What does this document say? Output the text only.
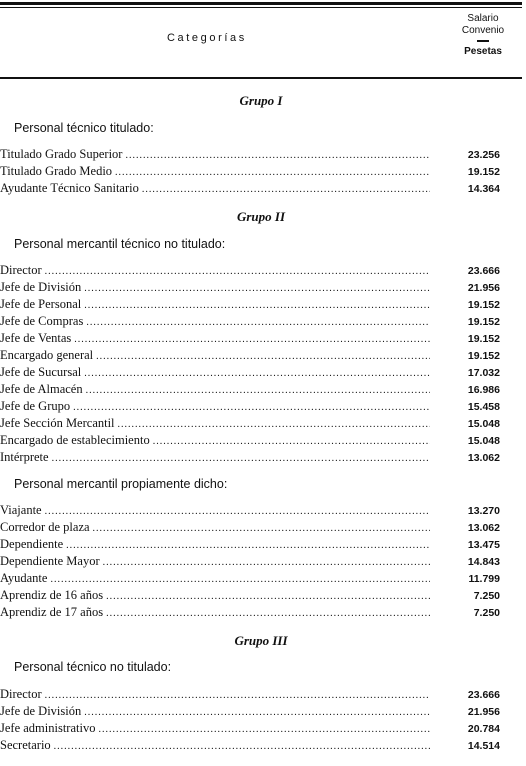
Categorías
Salario
Convenio
Pesetas
Grupo I
Personal técnico titulado:
Titulado Grado Superior .....	23.256
Titulado Grado Medio .....	19.152
Ayudante Técnico Sanitario .....	14.364
Grupo II
Personal mercantil técnico no titulado:
Director .....	23.666
Jefe de División .....	21.956
Jefe de Personal .....	19.152
Jefe de Compras .....	19.152
Jefe de Ventas .....	19.152
Encargado general .....	19.152
Jefe de Sucursal .....	17.032
Jefe de Almacén .....	16.986
Jefe de Grupo .....	15.458
Jefe Sección Mercantil .....	15.048
Encargado de establecimiento .....	15.048
Intérprete .....	13.062
Personal mercantil propiamente dicho:
Viajante .....	13.270
Corredor de plaza .....	13.062
Dependiente .....	13.475
Dependiente Mayor .....	14.843
Ayudante .....	11.799
Aprendiz de 16 años .....	7.250
Aprendiz de 17 años .....	7.250
Grupo III
Personal técnico no titulado:
Director .....	23.666
Jefe de División .....	21.956
Jefe administrativo .....	20.784
Secretario .....	14.514
